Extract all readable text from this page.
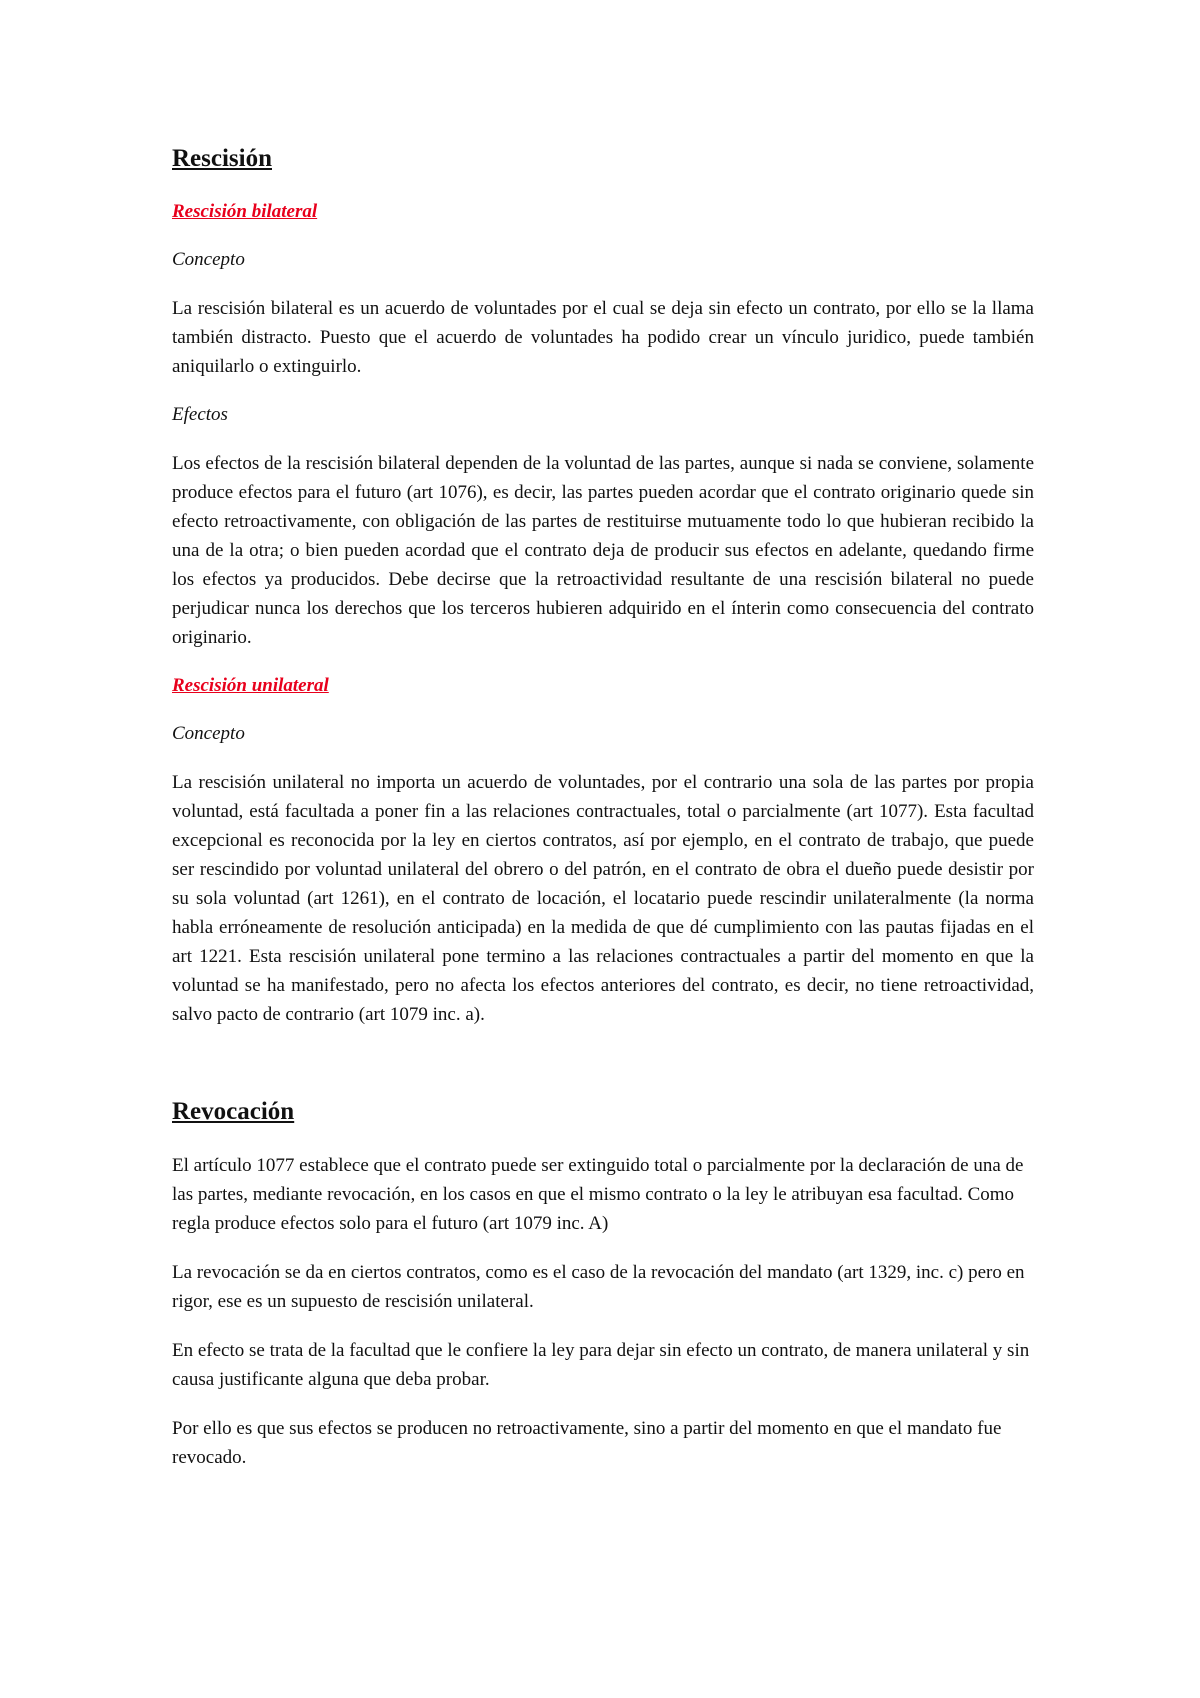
Rescisión
Rescisión bilateral
Concepto

La rescisión bilateral es un acuerdo de voluntades por el cual se deja sin efecto un contrato, por ello se la llama también distracto. Puesto que el acuerdo de voluntades ha podido crear un vínculo juridico, puede también aniquilarlo o extinguirlo.

Efectos

Los efectos de la rescisión bilateral dependen de la voluntad de las partes, aunque si nada se conviene, solamente produce efectos para el futuro (art 1076), es decir, las partes pueden acordar que el contrato originario quede sin efecto retroactivamente, con obligación de las partes de restituirse mutuamente todo lo que hubieran recibido la una de la otra; o bien pueden acordad que el contrato deja de producir sus efectos en adelante, quedando firme los efectos ya producidos. Debe decirse que la retroactividad resultante de una rescisión bilateral no puede perjudicar nunca los derechos que los terceros hubieren adquirido en el ínterin como consecuencia del contrato originario.

Rescisión unilateral
Concepto

La rescisión unilateral no importa un acuerdo de voluntades, por el contrario una sola de las partes por propia voluntad, está facultada a poner fin a las relaciones contractuales, total o parcialmente (art 1077). Esta facultad excepcional es reconocida por la ley en ciertos contratos, así por ejemplo, en el contrato de trabajo, que puede ser rescindido por voluntad unilateral del obrero o del patrón, en el contrato de obra el dueño puede desistir por su sola voluntad (art 1261), en el contrato de locación, el locatario puede rescindir unilateralmente (la norma habla erróneamente de resolución anticipada) en la medida de que dé cumplimiento con las pautas fijadas en el art 1221. Esta rescisión unilateral pone termino a las relaciones contractuales a partir del momento en que la voluntad se ha manifestado, pero no afecta los efectos anteriores del contrato, es decir, no tiene retroactividad, salvo pacto de contrario (art 1079 inc. a).

Revocación

El artículo 1077 establece que el contrato puede ser extinguido total o parcialmente por la declaración de una de las partes, mediante revocación, en los casos en que el mismo contrato o la ley le atribuyan esa facultad. Como regla produce efectos solo para el futuro (art 1079 inc. A)

La revocación se da en ciertos contratos, como es el caso de la revocación del mandato (art 1329, inc. c) pero en rigor, ese es un supuesto de rescisión unilateral.

En efecto se trata de la facultad que le confiere la ley para dejar sin efecto un contrato, de manera unilateral y sin causa justificante alguna que deba probar.

Por ello es que sus efectos se producen no retroactivamente, sino a partir del momento en que el mandato fue revocado.
